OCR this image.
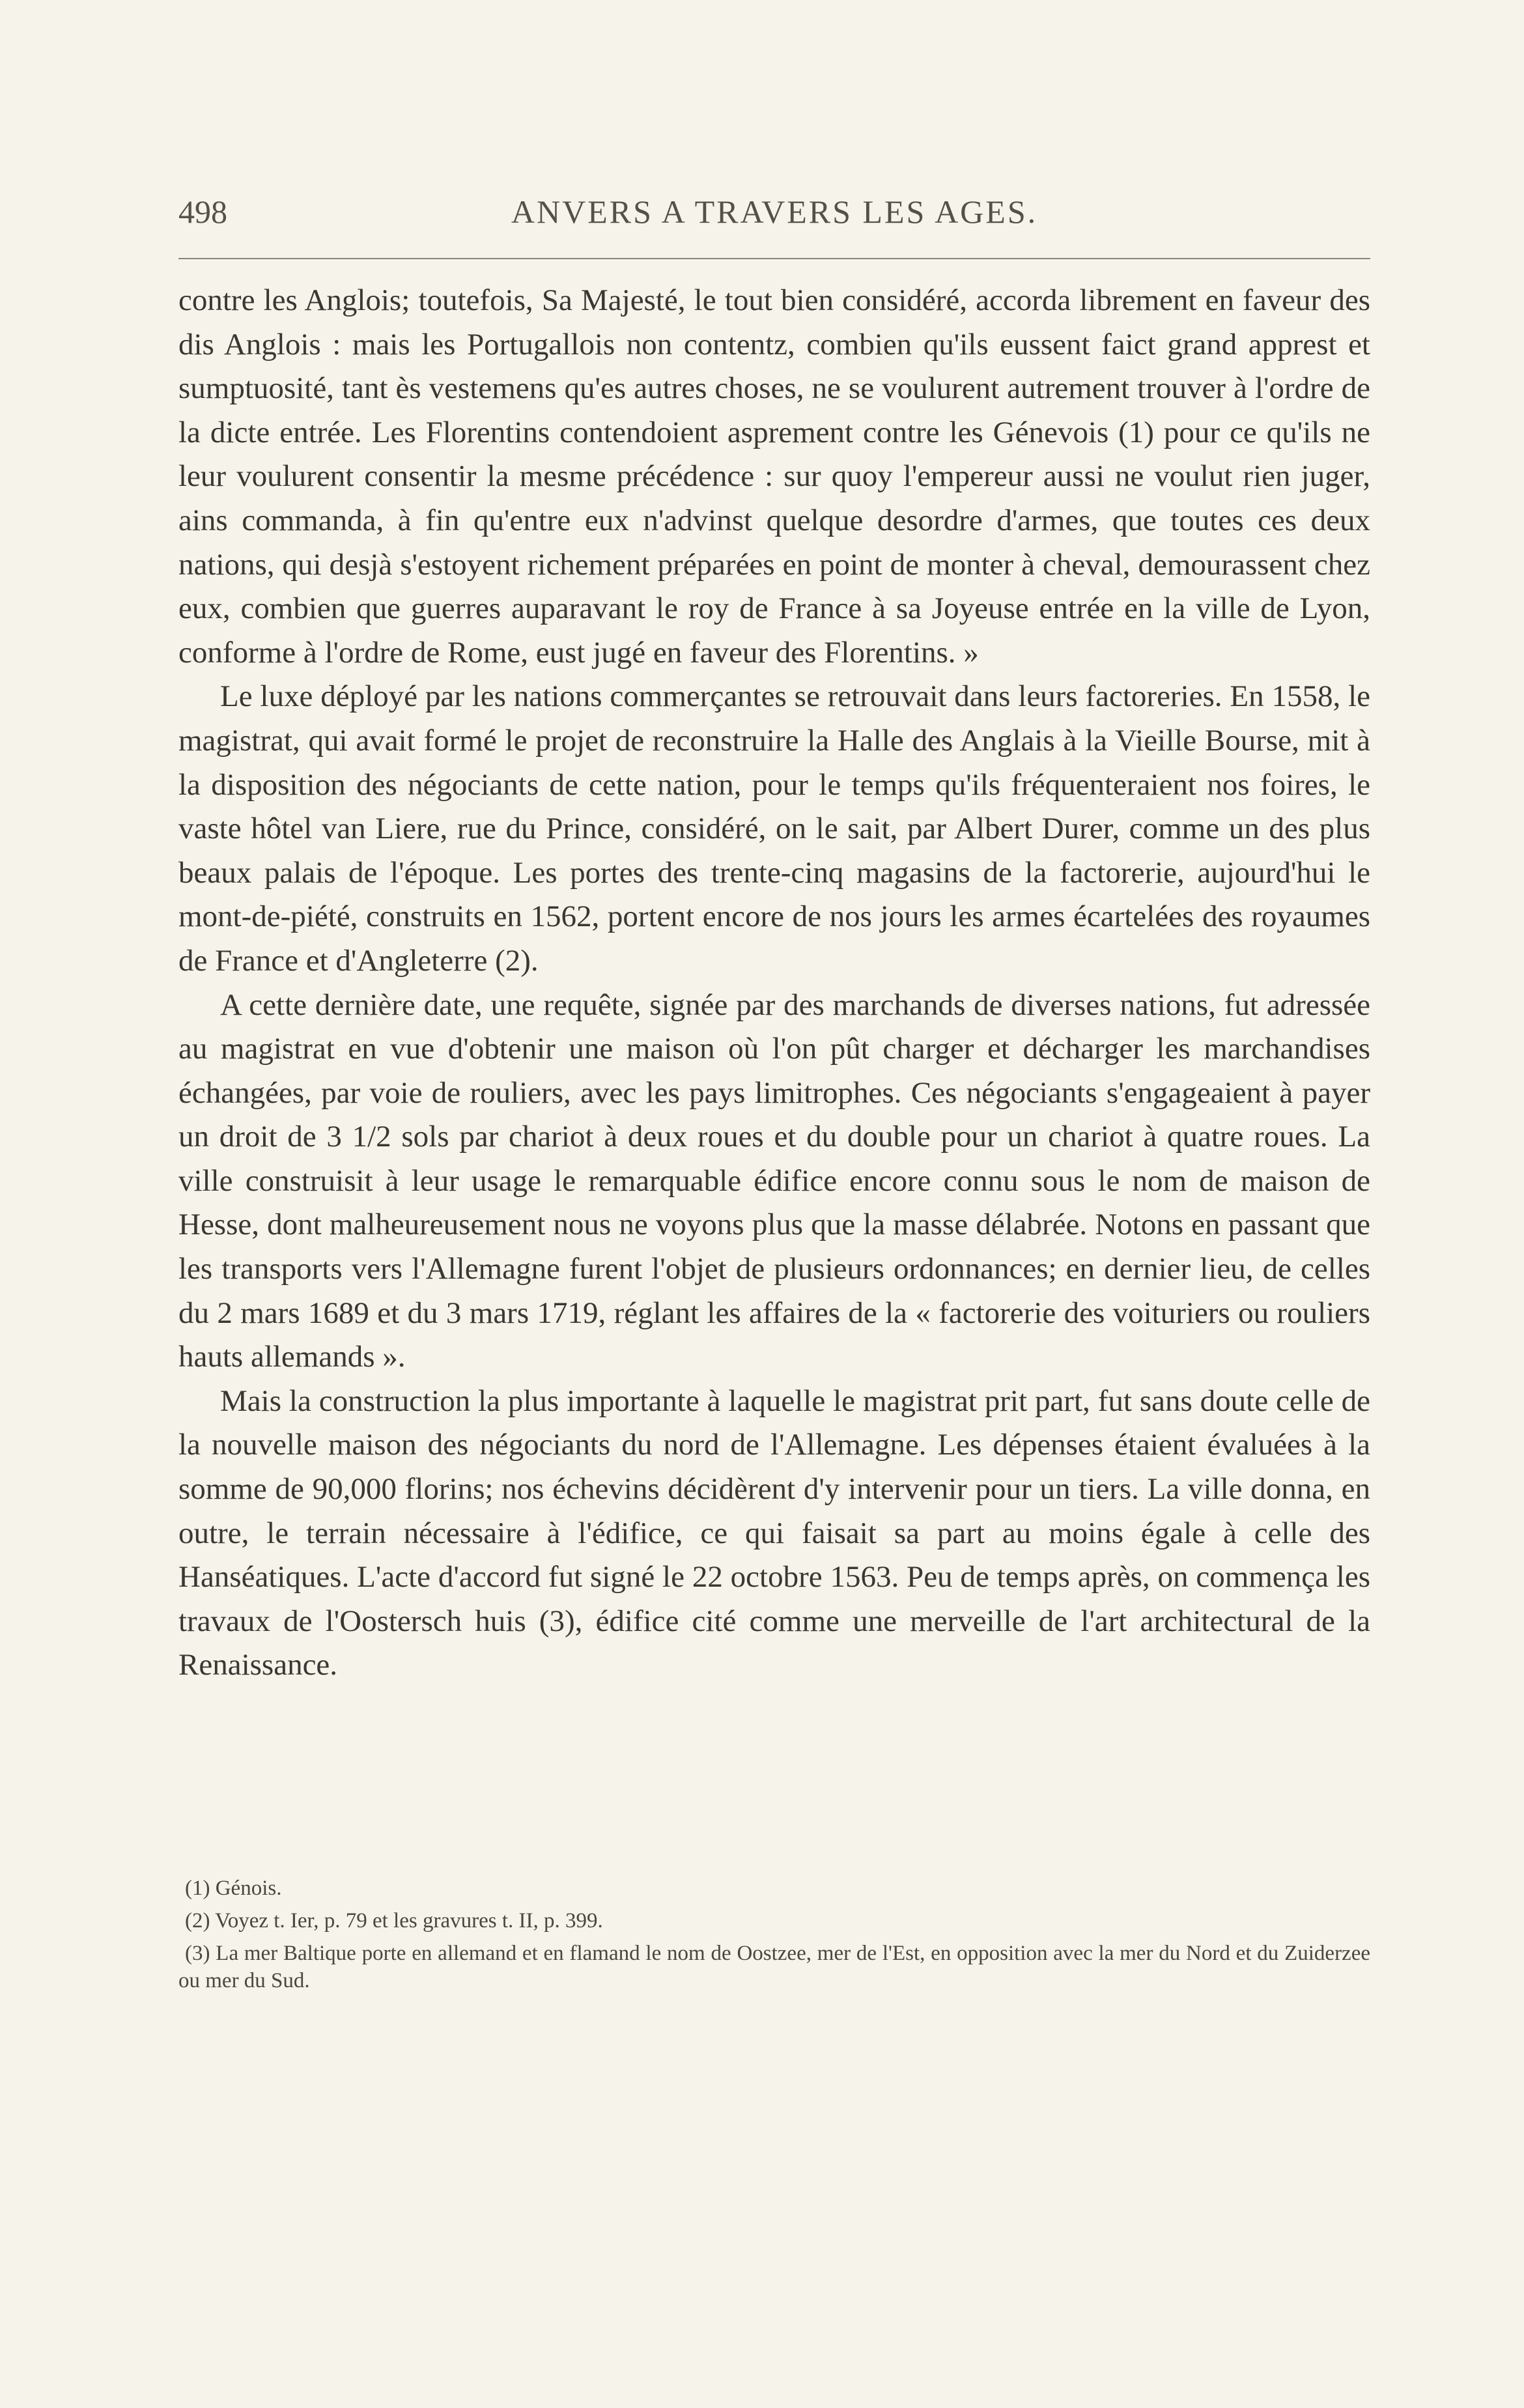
498	ANVERS A TRAVERS LES AGES.

contre les Anglois; toutefois, Sa Majesté, le tout bien considéré, accorda librement en faveur des dis Anglois : mais les Portugallois non contentz, combien qu'ils eussent faict grand apprest et sumptuosité, tant ès vestemens qu'es autres choses, ne se voulurent autrement trouver à l'ordre de la dicte entrée. Les Florentins contendoient asprement contre les Génevois (1) pour ce qu'ils ne leur voulurent consentir la mesme précédence : sur quoy l'empereur aussi ne voulut rien juger, ains commanda, à fin qu'entre eux n'advinst quelque desordre d'armes, que toutes ces deux nations, qui desjà s'estoyent richement préparées en point de monter à cheval, demourassent chez eux, combien que guerres auparavant le roy de France à sa Joyeuse entrée en la ville de Lyon, conforme à l'ordre de Rome, eust jugé en faveur des Florentins. »

Le luxe déployé par les nations commerçantes se retrouvait dans leurs factoreries. En 1558, le magistrat, qui avait formé le projet de reconstruire la Halle des Anglais à la Vieille Bourse, mit à la disposition des négociants de cette nation, pour le temps qu'ils fréquenteraient nos foires, le vaste hôtel van Liere, rue du Prince, considéré, on le sait, par Albert Durer, comme un des plus beaux palais de l'époque. Les portes des trente-cinq magasins de la factorerie, aujourd'hui le mont-de-piété, construits en 1562, portent encore de nos jours les armes écartelées des royaumes de France et d'Angleterre (2).

A cette dernière date, une requête, signée par des marchands de diverses nations, fut adressée au magistrat en vue d'obtenir une maison où l'on pût charger et décharger les marchandises échangées, par voie de rouliers, avec les pays limitrophes. Ces négociants s'engageaient à payer un droit de 3 1/2 sols par chariot à deux roues et du double pour un chariot à quatre roues. La ville construisit à leur usage le remarquable édifice encore connu sous le nom de maison de Hesse, dont malheureusement nous ne voyons plus que la masse délabrée. Notons en passant que les transports vers l'Allemagne furent l'objet de plusieurs ordonnances; en dernier lieu, de celles du 2 mars 1689 et du 3 mars 1719, réglant les affaires de la « factorerie des voituriers ou rouliers hauts allemands ».

Mais la construction la plus importante à laquelle le magistrat prit part, fut sans doute celle de la nouvelle maison des négociants du nord de l'Allemagne. Les dépenses étaient évaluées à la somme de 90,000 florins; nos échevins décidèrent d'y intervenir pour un tiers. La ville donna, en outre, le terrain nécessaire à l'édifice, ce qui faisait sa part au moins égale à celle des Hanséatiques. L'acte d'accord fut signé le 22 octobre 1563. Peu de temps après, on commença les travaux de l'Oostersch huis (3), édifice cité comme une merveille de l'art architectural de la Renaissance.

(1) Génois.

(2) Voyez t. Ier, p. 79 et les gravures t. II, p. 399.

(3) La mer Baltique porte en allemand et en flamand le nom de Oostzee, mer de l'Est, en opposition avec la mer du Nord et du Zuiderzee ou mer du Sud.
